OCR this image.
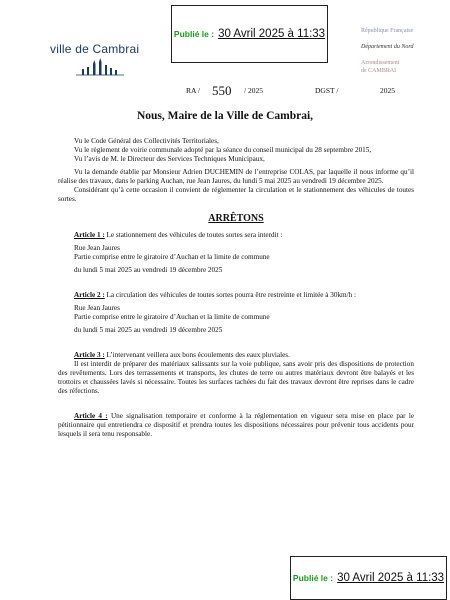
Publié le : 30 Avril 2025 à 11:33
ville de Cambrai
République Française
Département du Nord
Arrondissement
de CAMBRAI
RA / 550 / 2025	DGST /	2025
Nous, Maire de la Ville de Cambrai,

Vu le Code Général des Collectivités Territoriales,

Vu le règlement de voirie communale adopté par la séance du conseil municipal du 28 septembre 2015,

Vu l’avis de M. le Directeur des Services Techniques Municipaux,

Vu la demande établie par Monsieur Adrien DUCHEMIN de l’entreprise COLAS, par laquelle il nous informe qu’il réalise des travaux, dans le parking Auchan, rue Jean Jaures, du lundi 5 mai 2025 au vendredi 19 décembre 2025.

Considérant qu’à cette occasion il convient de réglementer la circulation et le stationnement des véhicules de toutes sortes.

ARRÊTONS

Article 1 : Le stationnement des véhicules de toutes sortes sera interdit :

Rue Jean Jaures

Partie comprise entre le giratoire d’Auchan et la limite de commune

du lundi 5 mai 2025 au vendredi 19 décembre 2025

Article 2 : La circulation des véhicules de toutes sortes pourra être restreinte et limitée à 30km/h :

Rue Jean Jaures

Partie comprise entre le giratoire d’Auchan et la limite de commune

du lundi 5 mai 2025 au vendredi 19 décembre 2025

Article 3 : L’intervenant veillera aux bons écoulements des eaux pluviales.

Il est interdit de préparer des matériaux salissants sur la voie publique, sans avoir pris des dispositions de protection des revêtements. Lors des terrassements et transports, les chutes de terre ou autres matériaux devront être balayés et les trottoirs et chaussées lavés si nécessaire. Toutes les surfaces tachées du fait des travaux devront être reprises dans le cadre des réfections.

Article 4 : Une signalisation temporaire et conforme à la réglementation en vigueur sera mise en place par le pétitionnaire qui entretiendra ce dispositif et prendra toutes les dispositions nécessaires pour prévenir tous accidents pour lesquels il sera tenu responsable.

Publié le : 30 Avril 2025 à 11:33
